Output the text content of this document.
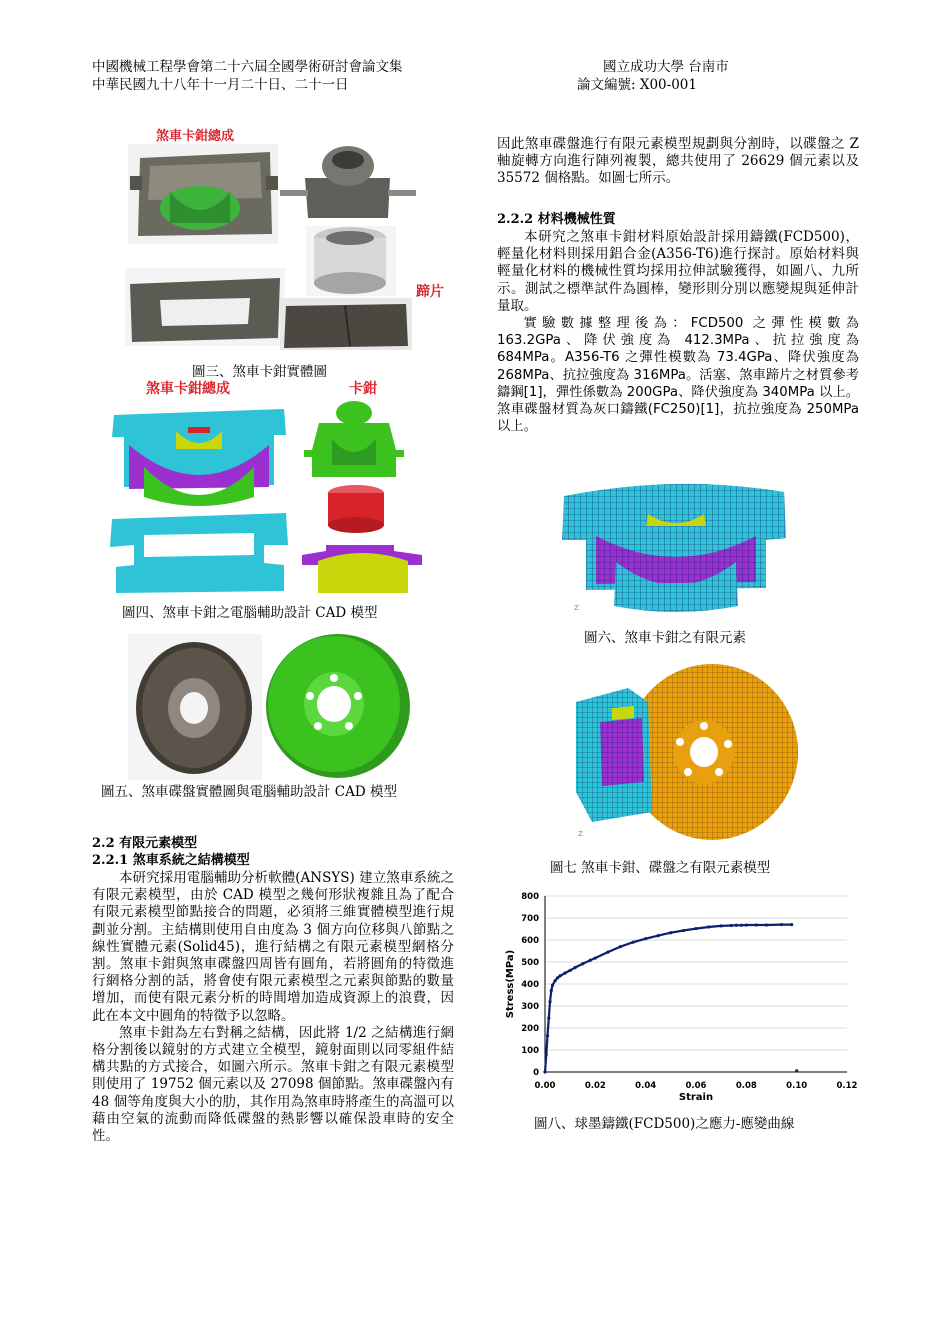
中國機械工程學會第二十六屆全國學術研討會論文集
中華民國九十八年十一月二十日、二十一日
國立成功大學 台南市
論文編號: X00-001
煞車卡鉗總成
蹄片
圖三、煞車卡鉗實體圖
煞車卡鉗總成	卡鉗
圖四、煞車卡鉗之電腦輔助設計 CAD 模型
圖五、煞車碟盤實體圖與電腦輔助設計 CAD 模型
2.2 有限元素模型
2.2.1 煞車系統之結構模型

本研究採用電腦輔助分析軟體(ANSYS) 建立煞車系統之有限元素模型，由於 CAD 模型之幾何形狀複雜且為了配合有限元素模型節點接合的問題，必須將三維實體模型進行規劃並分割。主結構則使用自由度為 3 個方向位移與八節點之線性實體元素(Solid45)，進行結構之有限元素模型網格分割。煞車卡鉗與煞車碟盤四周皆有圓角，若將圓角的特徵進行網格分割的話，將會使有限元素模型之元素與節點的數量增加，而使有限元素分析的時間增加造成資源上的浪費，因此在本文中圓角的特徵予以忽略。

煞車卡鉗為左右對稱之結構，因此將 1/2 之結構進行網格分割後以鏡射的方式建立全模型，鏡射面則以同零組件結構共點的方式接合，如圖六所示。煞車卡鉗之有限元素模型則使用了 19752 個元素以及 27098 個節點。煞車碟盤內有 48 個等角度與大小的肋，其作用為煞車時將產生的高溫可以藉由空氣的流動而降低碟盤的熱影響以確保設車時的安全性。

因此煞車碟盤進行有限元素模型規劃與分割時，以碟盤之 Z 軸旋轉方向進行陣列複製，總共使用了 26629 個元素以及 35572 個格點。如圖七所示。
2.2.2 材料機械性質

本研究之煞車卡鉗材料原始設計採用鑄鐵(FCD500)，輕量化材料則採用鋁合金(A356-T6)進行探討。原始材料與輕量化材料的機械性質均採用拉伸試驗獲得，如圖八、九所示。測試之標準試件為圓棒，變形則分別以應變規與延伸計量取。

實驗數據整理後為：FCD500 之彈性模數為 163.2GPa、降伏強度為 412.3MPa、抗拉強度為 684MPa。A356-T6 之彈性模數為 73.4GPa、降伏強度為 268MPa、抗拉強度為 316MPa。活塞、煞車蹄片之材質參考鑄鋼[1]，彈性係數為 200GPa、降伏強度為 340MPa 以上。煞車碟盤材質為灰口鑄鐵(FC250)[1]，抗拉強度為 250MPa 以上。

Z
圖六、煞車卡鉗之有限元素
Z
圖七 煞車卡鉗、碟盤之有限元素模型
0
100
200
300
400
500
600
700
800
0.00	0.02	0.04	0.06	0.08	0.10	0.12
Strain
Stress(MPa)
圖八、球墨鑄鐵(FCD500)之應力-應變曲線
